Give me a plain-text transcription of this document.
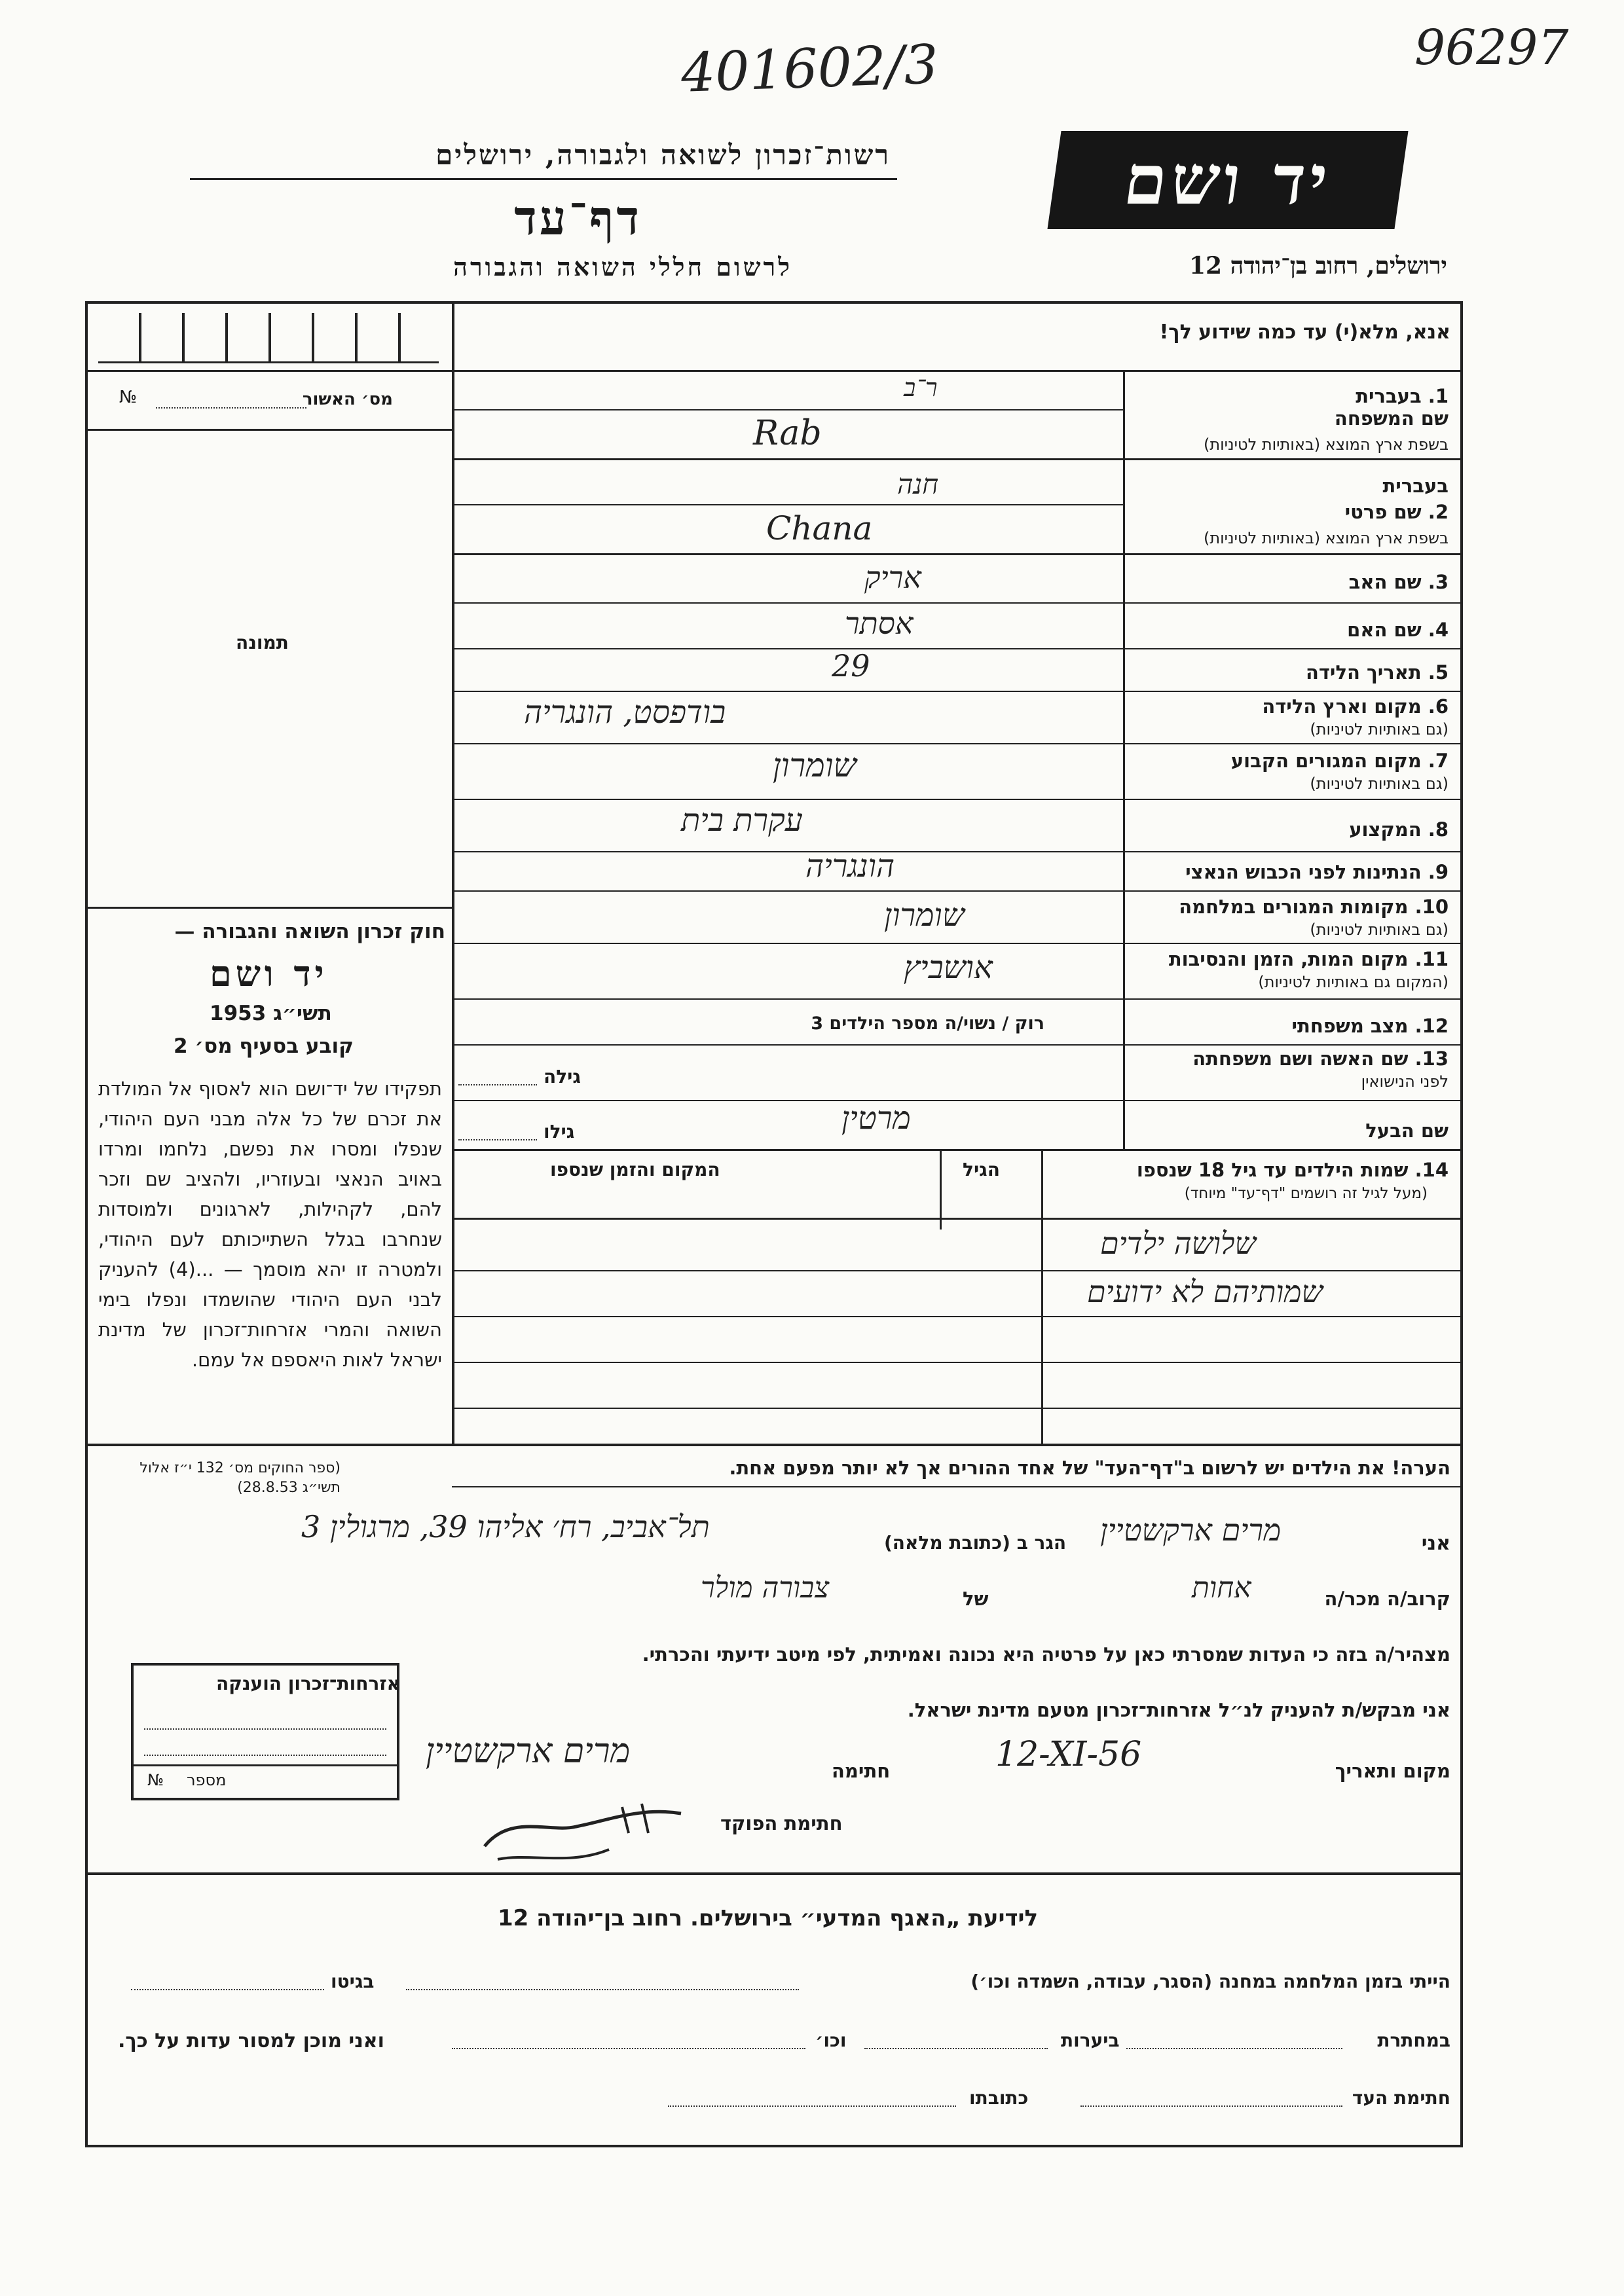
401602/3	96297
רשות־זכרון לשואה ולגבורה, ירושלים
דף־עד
לרשום חללי השואה והגבורה
יד ושם
ירושלים, רחוב בן־יהודה 12
מס׳ האשור
№
תמונה
חוק זכרון השואה והגבורה —
יד ושם
תשי״ג 1953
קובע בסעיף מס׳ 2
תפקידו של יד־ושם הוא לאסוף אל המולדת את זכרם של כל אלה מבני העם היהודי, שנפלו ומסרו את נפשם, נלחמו ומרדו באויב הנאצי ובעוזריו, ולהציב שם וזכר להם, לקהילות, לארגונים ולמוסדות שנחרבו בגלל השתייכותם לעם היהודי, ולמטרה זו יהא מוסמך — ...(4) להעניק לבני העם היהודי שהושמדו ונפלו בימי השואה והמרי אזרחות־זכרון של מדינת ישראל לאות היאספם אל עמם.
(ספר החוקים מס׳ 132 י״ז אלול תשי״ג 28.8.53)
אנא, מלא(י) עד כמה שידוע לך!
1. בעברית
שם המשפחה
בשפת ארץ המוצא (באותיות לטיניות)
ר־ב
Rab
בעברית
2. שם פרטי
בשפת ארץ המוצא (באותיות לטיניות)
חנה
Chana
3. שם האב
אריק
4. שם האם
אסתר
5. תאריך הלידה
29
6. מקום וארץ הלידה
(גם באותיות לטיניות)
בודפסט, הונגריה
7. מקום המגורים הקבוע
(גם באותיות לטיניות)
שומרון
8. המקצוע
עקרת בית
9. הנתינות לפני הכבוש הנאצי
הונגריה
10. מקומות המגורים במלחמה
(גם באותיות לטיניות)
שומרון
11. מקום המות, הזמן והנסיבות
(המקום גם באותיות לטיניות)
אושביץ
12. מצב משפחתי
רוק / נשוי/ה מספר הילדים 3
13. שם האשה ושם משפחתה
לפני הנישואין
גילה
שם הבעל
מרטין
גילו
14. שמות הילדים עד גיל 18 שנספו
(מעל לגיל זה רושמים "דף־עד" מיוחד)
הגיל
המקום והזמן שנספו
שלושה ילדים
שמותיהם לא ידועים
הערה! את הילדים יש לרשום ב"דף־העד" של אחד ההורים אך לא יותר מפעם אחת.
אני
מרים ארקשטיין
הגר ב (כתובת מלאה)
תל־אביב, רח׳ אליהו 39, מרגולין 3
קרוב/ה מכר/ה
אחות
של
צבורה מולר
מצהיר/ה בזה כי העדות שמסרתי כאן על פרטיה היא נכונה ואמיתית, לפי מיטב ידיעתי והכרתי.
אני מבקש/ת להעניק לנ״ל אזרחות־זכרון מטעם מדינת ישראל.
מקום ותאריך
12-XI-56
חתימה
מרים ארקשטיין
חתימת הפוקד
אזרחות־זכרון הוענקה
מספר
№
לידיעת „האגף המדעי״ בירושלים. רחוב בן־יהודה 12
הייתי בזמן המלחמה במחנה (הסגר, עבודה, השמדה וכו׳)
בגיטו
במחתרת
ביערות
וכו׳
ואני מוכן למסור עדות על כך.
חתימת העד
כתובתו
